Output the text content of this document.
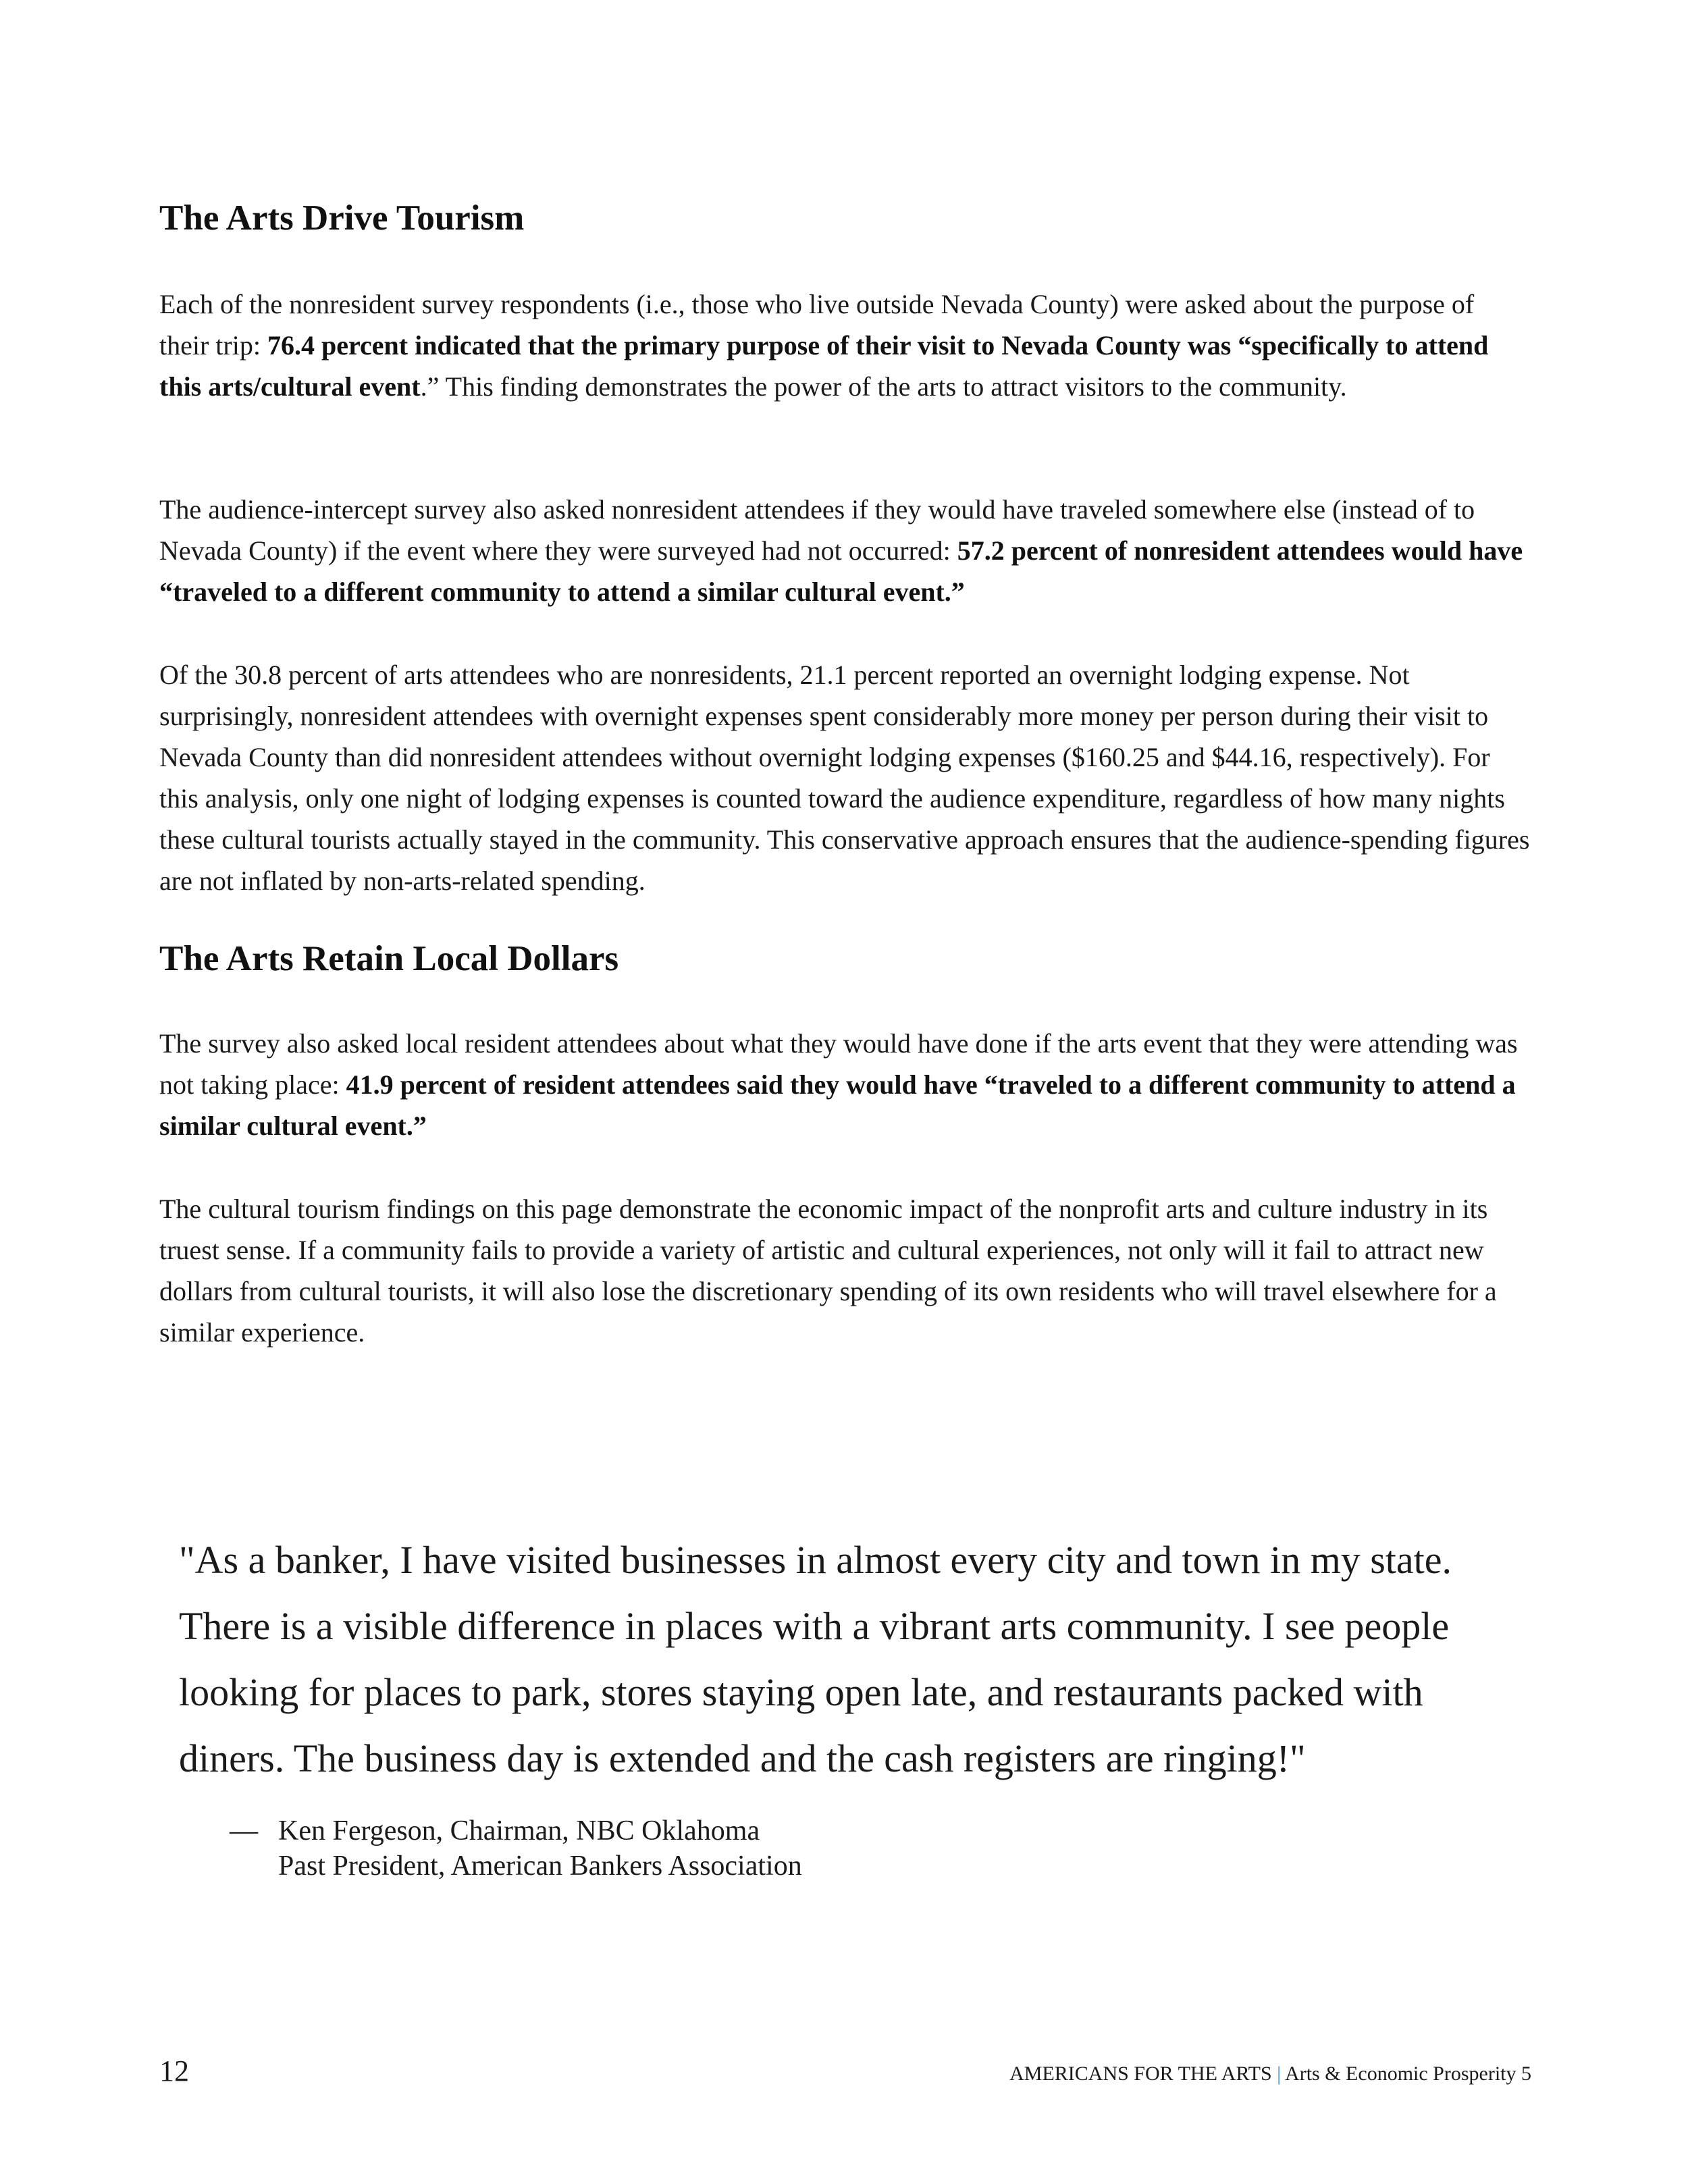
The Arts Drive Tourism

Each of the nonresident survey respondents (i.e., those who live outside Nevada County) were asked about the purpose of their trip: 76.4 percent indicated that the primary purpose of their visit to Nevada County was “specifically to attend this arts/cultural event.” This finding demonstrates the power of the arts to attract visitors to the community.

The audience-intercept survey also asked nonresident attendees if they would have traveled somewhere else (instead of to Nevada County) if the event where they were surveyed had not occurred: 57.2 percent of nonresident attendees would have “traveled to a different community to attend a similar cultural event.”

Of the 30.8 percent of arts attendees who are nonresidents, 21.1 percent reported an overnight lodging expense. Not surprisingly, nonresident attendees with overnight expenses spent considerably more money per person during their visit to Nevada County than did nonresident attendees without overnight lodging expenses ($160.25 and $44.16, respectively). For this analysis, only one night of lodging expenses is counted toward the audience expenditure, regardless of how many nights these cultural tourists actually stayed in the community. This conservative approach ensures that the audience-spending figures are not inflated by non-arts-related spending.

The Arts Retain Local Dollars

The survey also asked local resident attendees about what they would have done if the arts event that they were attending was not taking place: 41.9 percent of resident attendees said they would have “traveled to a different community to attend a similar cultural event.”

The cultural tourism findings on this page demonstrate the economic impact of the nonprofit arts and culture industry in its truest sense. If a community fails to provide a variety of artistic and cultural experiences, not only will it fail to attract new dollars from cultural tourists, it will also lose the discretionary spending of its own residents who will travel elsewhere for a similar experience.

"As a banker, I have visited businesses in almost every city and town in my state. There is a visible difference in places with a vibrant arts community. I see people looking for places to park, stores staying open late, and restaurants packed with diners. The business day is extended and the cash registers are ringing!"

— Ken Fergeson, Chairman, NBC Oklahoma
Past President, American Bankers Association
12	AMERICANS FOR THE ARTS | Arts & Economic Prosperity 5
